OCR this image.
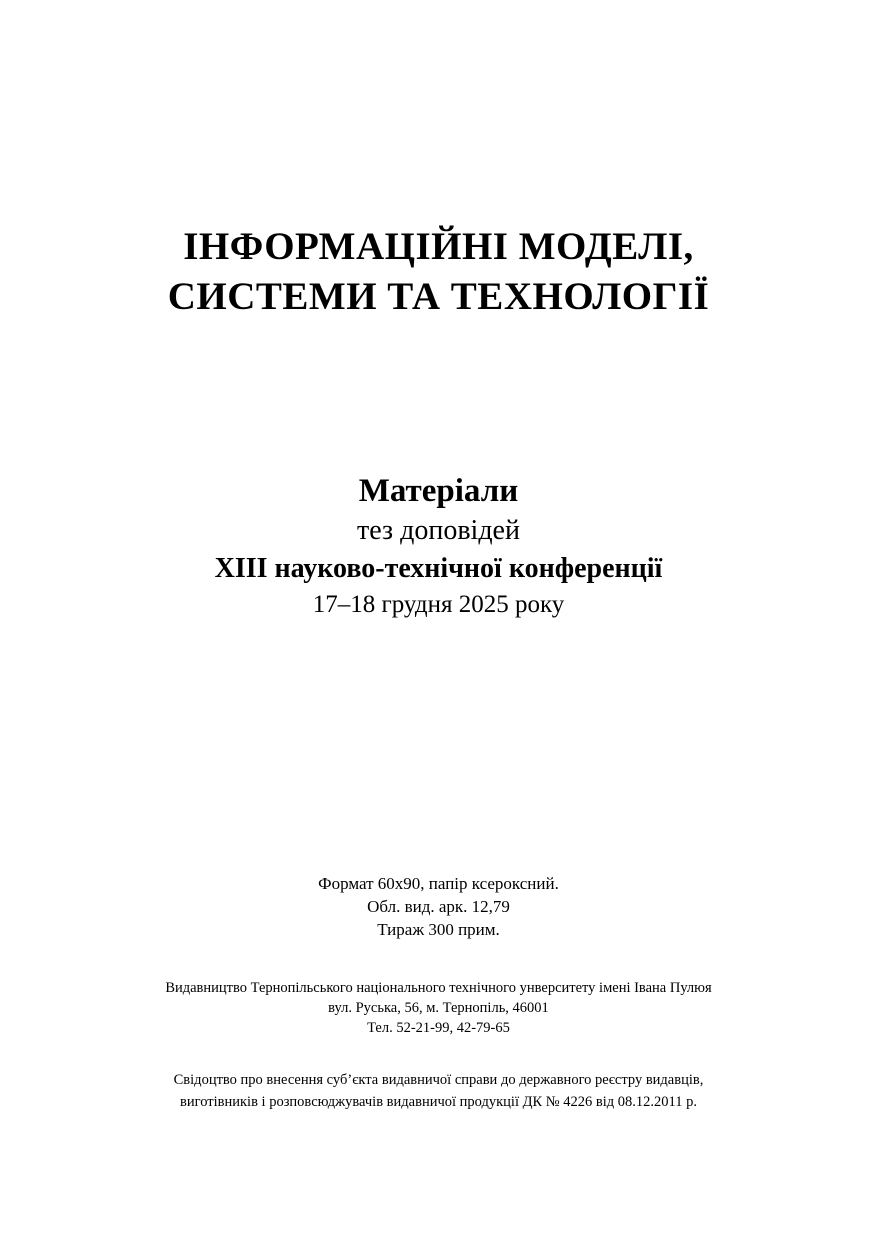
ІНФОРМАЦІЙНІ МОДЕЛІ,
СИСТЕМИ ТА ТЕХНОЛОГІЇ
Матеріали
тез доповідей
XIII науково-технічної конференції
17–18 грудня 2025 року
Формат 60х90, папір ксероксний.
Обл. вид. арк. 12,79
Тираж 300 прим.
Видавництво Тернопільського національного технічного унверситету імені Івана Пулюя
вул. Руська, 56, м. Тернопіль, 46001
Тел. 52-21-99, 42-79-65
Свідоцтво про внесення суб’єкта видавничої справи до державного реєстру видавців,
виготівників і розповсюджувачів видавничої продукції ДК № 4226 від 08.12.2011 р.
